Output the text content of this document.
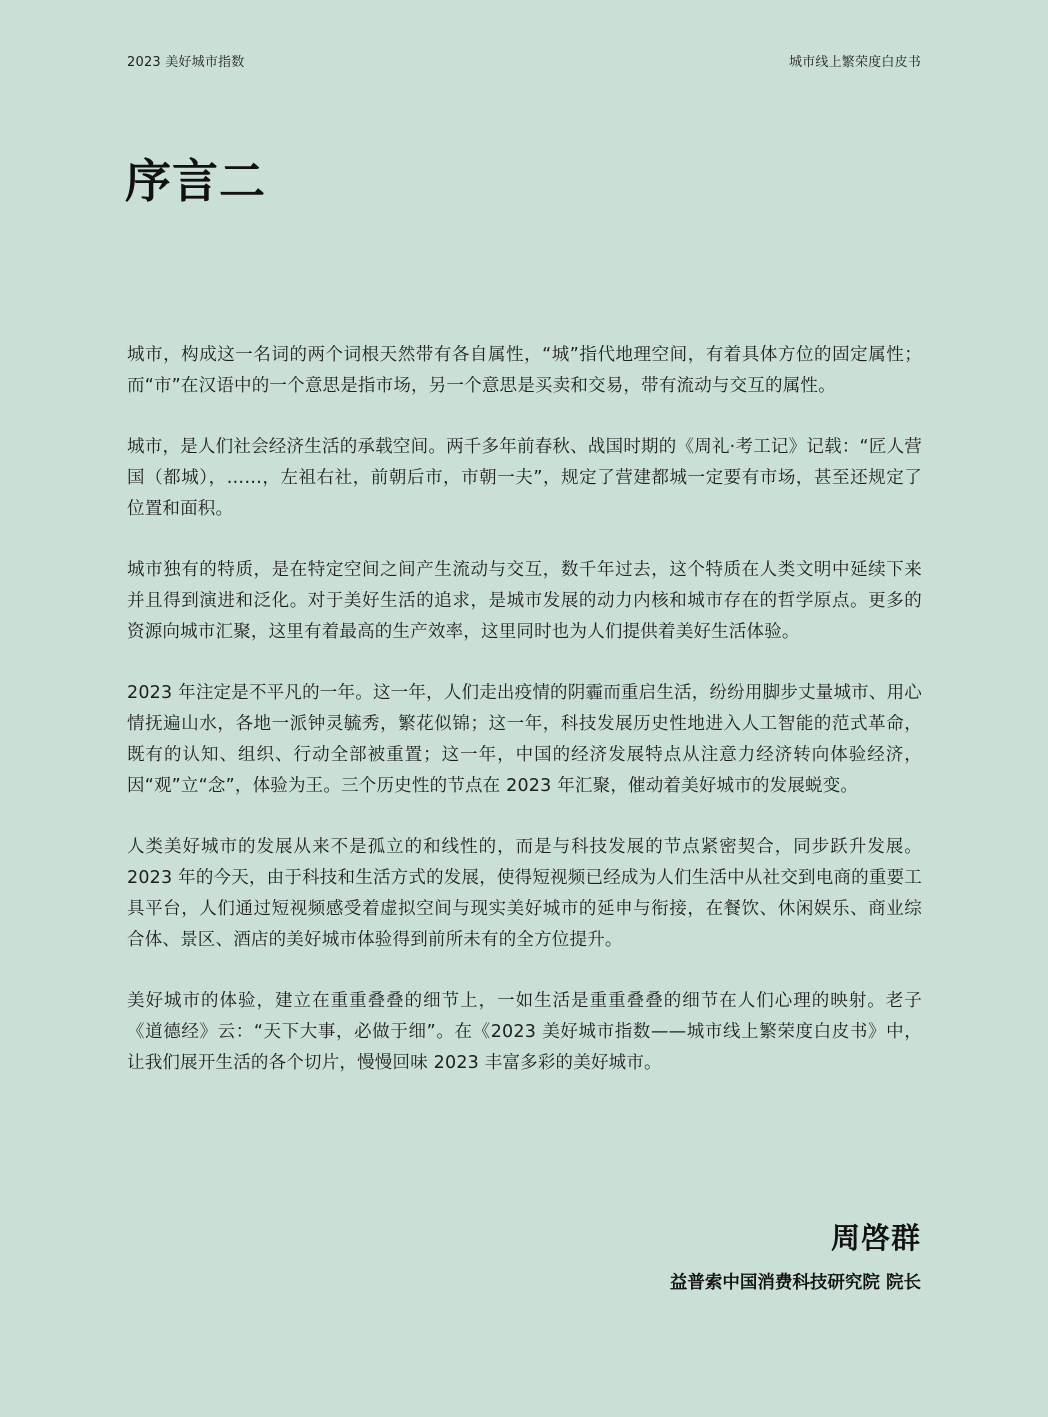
2023 美好城市指数	城市线上繁荣度白皮书
序言二

城市，构成这一名词的两个词根天然带有各自属性，“城”指代地理空间，有着具体方位的固定属性；而“市”在汉语中的一个意思是指市场，另一个意思是买卖和交易，带有流动与交互的属性。

城市，是人们社会经济生活的承载空间。两千多年前春秋、战国时期的《周礼·考工记》记载：“匠人营国（都城），……，左祖右社，前朝后市，市朝一夫”，规定了营建都城一定要有市场，甚至还规定了位置和面积。

城市独有的特质，是在特定空间之间产生流动与交互，数千年过去，这个特质在人类文明中延续下来并且得到演进和泛化。对于美好生活的追求，是城市发展的动力内核和城市存在的哲学原点。更多的资源向城市汇聚，这里有着最高的生产效率，这里同时也为人们提供着美好生活体验。

2023 年注定是不平凡的一年。这一年，人们走出疫情的阴霾而重启生活，纷纷用脚步丈量城市、用心情抚遍山水，各地一派钟灵毓秀，繁花似锦；这一年，科技发展历史性地进入人工智能的范式革命，既有的认知、组织、行动全部被重置；这一年，中国的经济发展特点从注意力经济转向体验经济，因“观”立“念”，体验为王。三个历史性的节点在 2023 年汇聚，催动着美好城市的发展蜕变。

人类美好城市的发展从来不是孤立的和线性的，而是与科技发展的节点紧密契合，同步跃升发展。2023 年的今天，由于科技和生活方式的发展，使得短视频已经成为人们生活中从社交到电商的重要工具平台，人们通过短视频感受着虚拟空间与现实美好城市的延申与衔接，在餐饮、休闲娱乐、商业综合体、景区、酒店的美好城市体验得到前所未有的全方位提升。

美好城市的体验，建立在重重叠叠的细节上，一如生活是重重叠叠的细节在人们心理的映射。老子《道德经》云：“天下大事，必做于细”。在《2023 美好城市指数——城市线上繁荣度白皮书》中，让我们展开生活的各个切片，慢慢回味 2023 丰富多彩的美好城市。

周啓群
益普索中国消费科技研究院 院长
